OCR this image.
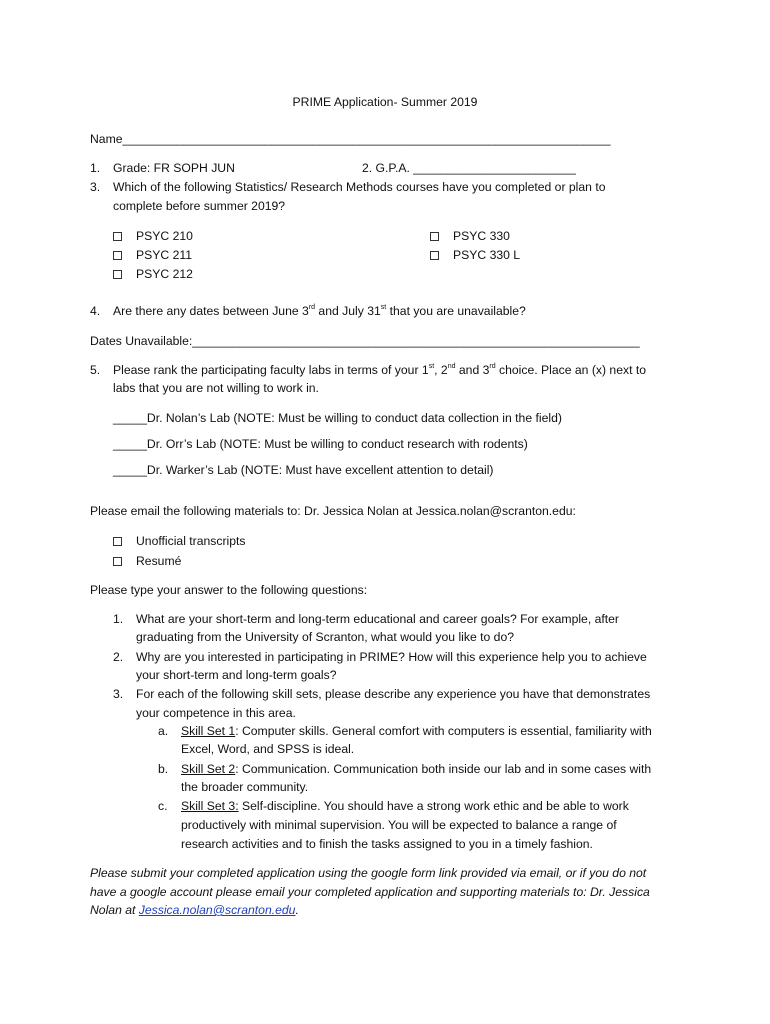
PRIME Application- Summer 2019
Name________________________________________________________________________
1. Grade: FR SOPH JUN	2. G.P.A. ________________________
3. Which of the following Statistics/ Research Methods courses have you completed or plan to
complete before summer 2019?
PSYC 210
PSYC 211
PSYC 212
PSYC 330
PSYC 330 L
4. Are there any dates between June 3rd and July 31st that you are unavailable?
Dates Unavailable:__________________________________________________________________
5. Please rank the participating faculty labs in terms of your 1st, 2nd and 3rd choice. Place an (x) next to
labs that you are not willing to work in.
_____Dr. Nolan’s Lab (NOTE: Must be willing to conduct data collection in the field)
_____Dr. Orr’s Lab (NOTE: Must be willing to conduct research with rodents)
_____Dr. Warker’s Lab (NOTE: Must have excellent attention to detail)
Please email the following materials to: Dr. Jessica Nolan at Jessica.nolan@scranton.edu:
Unofficial transcripts
Resumé
Please type your answer to the following questions:
1. What are your short-term and long-term educational and career goals? For example, after
graduating from the University of Scranton, what would you like to do?
2. Why are you interested in participating in PRIME? How will this experience help you to achieve
your short-term and long-term goals?
3. For each of the following skill sets, please describe any experience you have that demonstrates
your competence in this area.
a. Skill Set 1: Computer skills. General comfort with computers is essential, familiarity with
Excel, Word, and SPSS is ideal.
b. Skill Set 2: Communication. Communication both inside our lab and in some cases with
the broader community.
c. Skill Set 3: Self-discipline. You should have a strong work ethic and be able to work
productively with minimal supervision. You will be expected to balance a range of
research activities and to finish the tasks assigned to you in a timely fashion.
Please submit your completed application using the google form link provided via email, or if you do not
have a google account please email your completed application and supporting materials to: Dr. Jessica
Nolan at Jessica.nolan@scranton.edu.
